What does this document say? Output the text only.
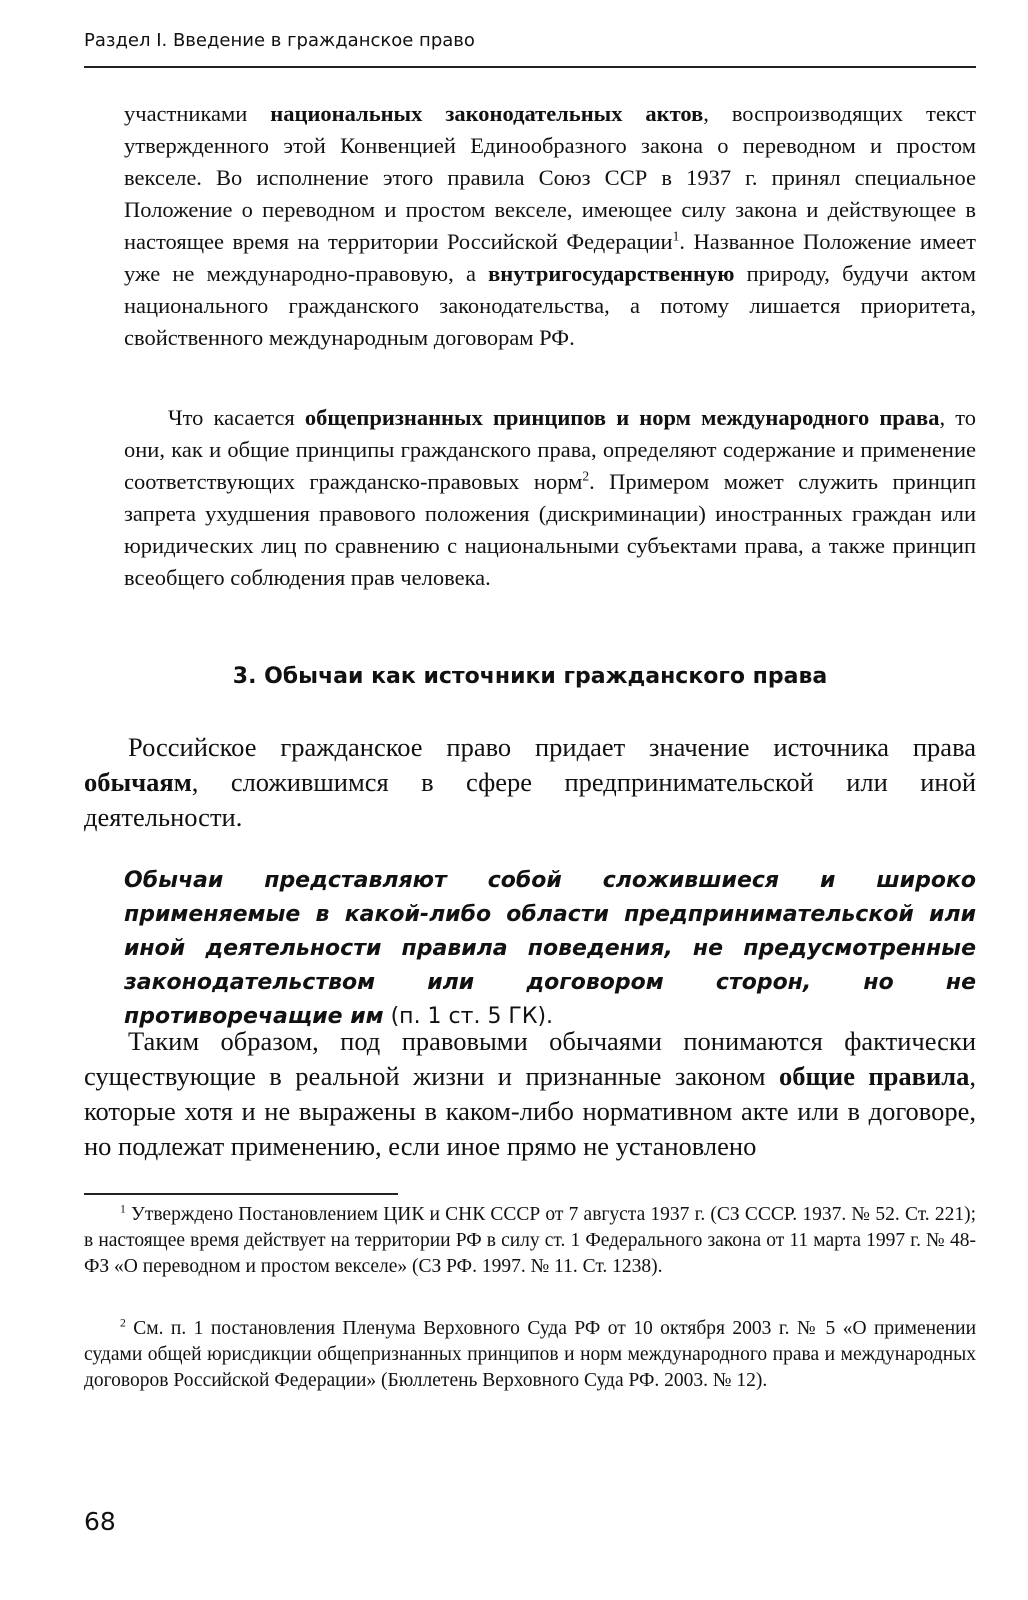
Раздел I. Введение в гражданское право

участниками национальных законодательных актов, воспроизводящих текст утвержденного этой Конвенцией Единообразного закона о переводном и простом векселе. Во исполнение этого правила Союз ССР в 1937 г. принял специальное Положение о переводном и простом векселе, имеющее силу закона и действующее в настоящее время на территории Российской Федерации$^1$. Названное Положение имеет уже не международно-правовую, а внутригосударственную природу, будучи актом национального гражданского законодательства, а потому лишается приоритета, свойственного международным договорам РФ.

Что касается общепризнанных принципов и норм международного права, то они, как и общие принципы гражданского права, определяют содержание и применение соответствующих гражданско-правовых норм$^2$. Примером может служить принцип запрета ухудшения правового положения (дискриминации) иностранных граждан или юридических лиц по сравнению с национальными субъектами права, а также принцип всеобщего соблюдения прав человека.

3. Обычаи как источники гражданского права

Российское гражданское право придает значение источника права обычаям, сложившимся в сфере предпринимательской или иной деятельности.

Обычаи представляют собой сложившиеся и широко применяемые в какой-либо области предпринимательской или иной деятельности правила поведения, не предусмотренные законодательством или договором сторон, но не противоречащие им (п. 1 ст. 5 ГК).

Таким образом, под правовыми обычаями понимаются фактически существующие в реальной жизни и признанные законом общие правила, которые хотя и не выражены в каком-либо нормативном акте или в договоре, но подлежат применению, если иное прямо не установлено

$^1$ Утверждено Постановлением ЦИК и СНК СССР от 7 августа 1937 г. (СЗ СССР. 1937. № 52. Ст. 221); в настоящее время действует на территории РФ в силу ст. 1 Федерального закона от 11 марта 1997 г. № 48-ФЗ «О переводном и простом векселе» (СЗ РФ. 1997. № 11. Ст. 1238).

$^2$ См. п. 1 постановления Пленума Верховного Суда РФ от 10 октября 2003 г. № 5 «О применении судами общей юрисдикции общепризнанных принципов и норм международного права и международных договоров Российской Федерации» (Бюллетень Верховного Суда РФ. 2003. № 12).

68
